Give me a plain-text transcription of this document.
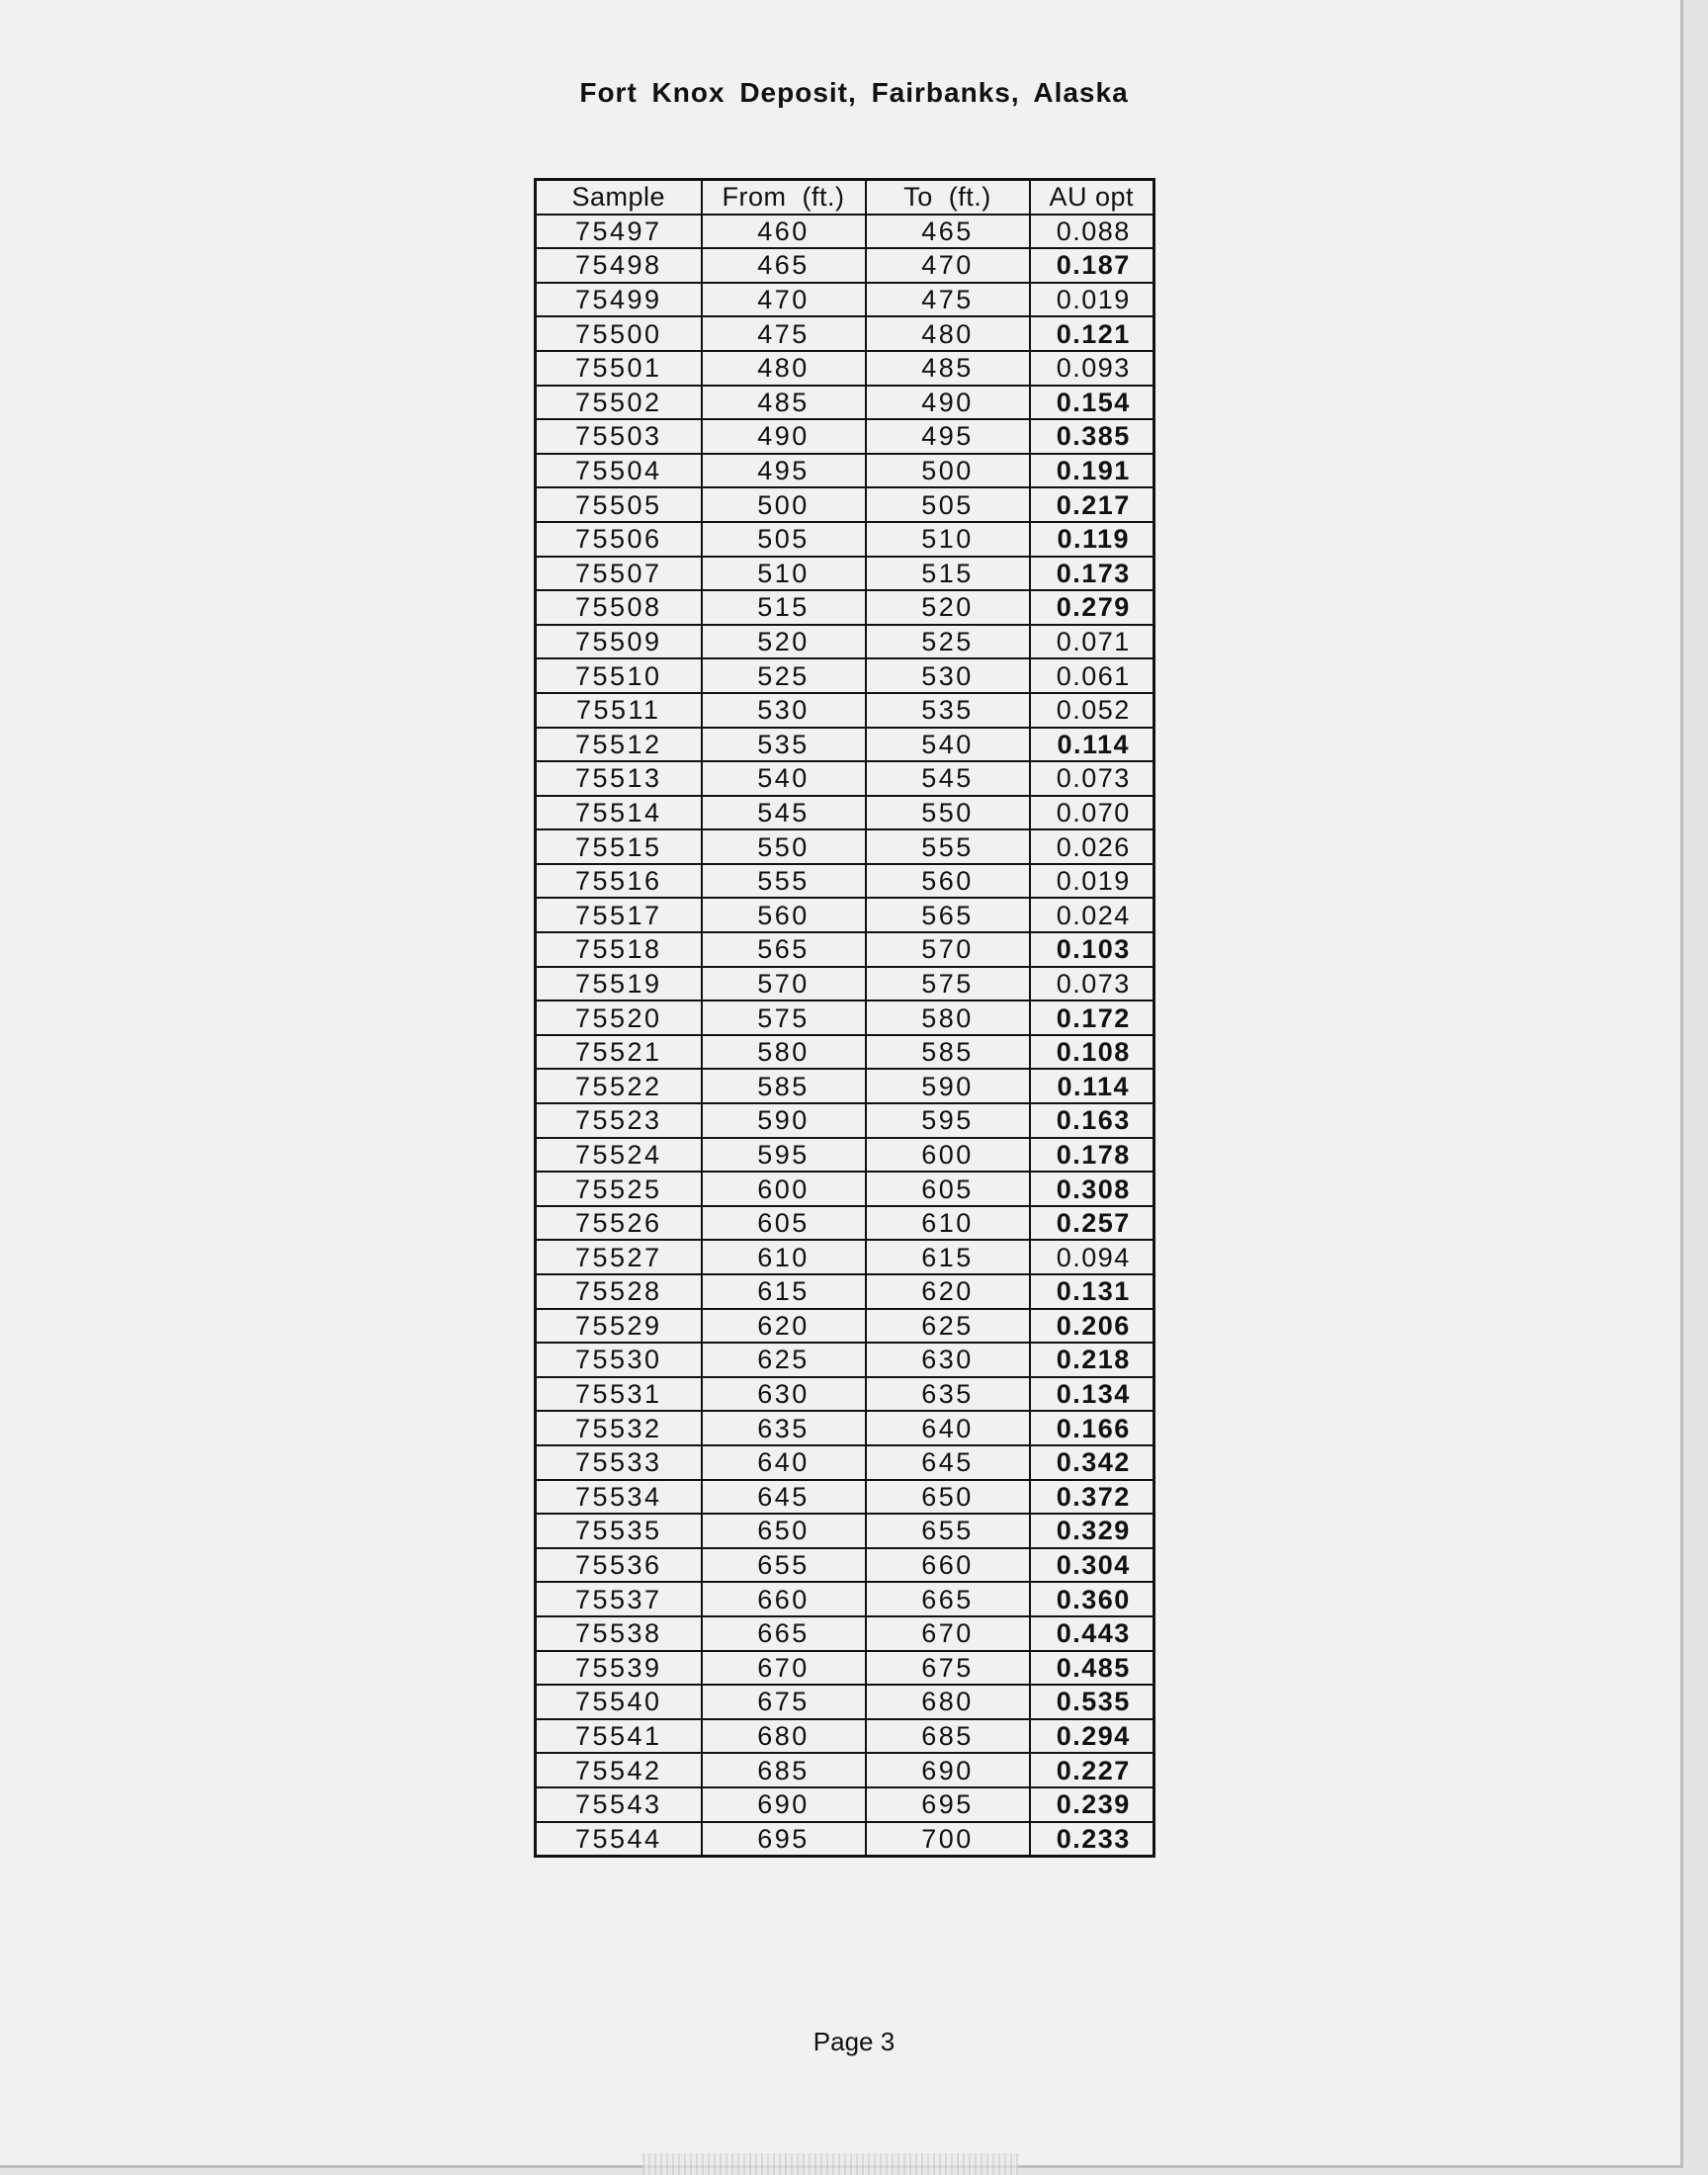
Fort Knox Deposit, Fairbanks, Alaska
Sample	From  (ft.)	To  (ft.)	AU opt
75497	460	465	0.088
75498	465	470	0.187
75499	470	475	0.019
75500	475	480	0.121
75501	480	485	0.093
75502	485	490	0.154
75503	490	495	0.385
75504	495	500	0.191
75505	500	505	0.217
75506	505	510	0.119
75507	510	515	0.173
75508	515	520	0.279
75509	520	525	0.071
75510	525	530	0.061
75511	530	535	0.052
75512	535	540	0.114
75513	540	545	0.073
75514	545	550	0.070
75515	550	555	0.026
75516	555	560	0.019
75517	560	565	0.024
75518	565	570	0.103
75519	570	575	0.073
75520	575	580	0.172
75521	580	585	0.108
75522	585	590	0.114
75523	590	595	0.163
75524	595	600	0.178
75525	600	605	0.308
75526	605	610	0.257
75527	610	615	0.094
75528	615	620	0.131
75529	620	625	0.206
75530	625	630	0.218
75531	630	635	0.134
75532	635	640	0.166
75533	640	645	0.342
75534	645	650	0.372
75535	650	655	0.329
75536	655	660	0.304
75537	660	665	0.360
75538	665	670	0.443
75539	670	675	0.485
75540	675	680	0.535
75541	680	685	0.294
75542	685	690	0.227
75543	690	695	0.239
75544	695	700	0.233
Page 3
